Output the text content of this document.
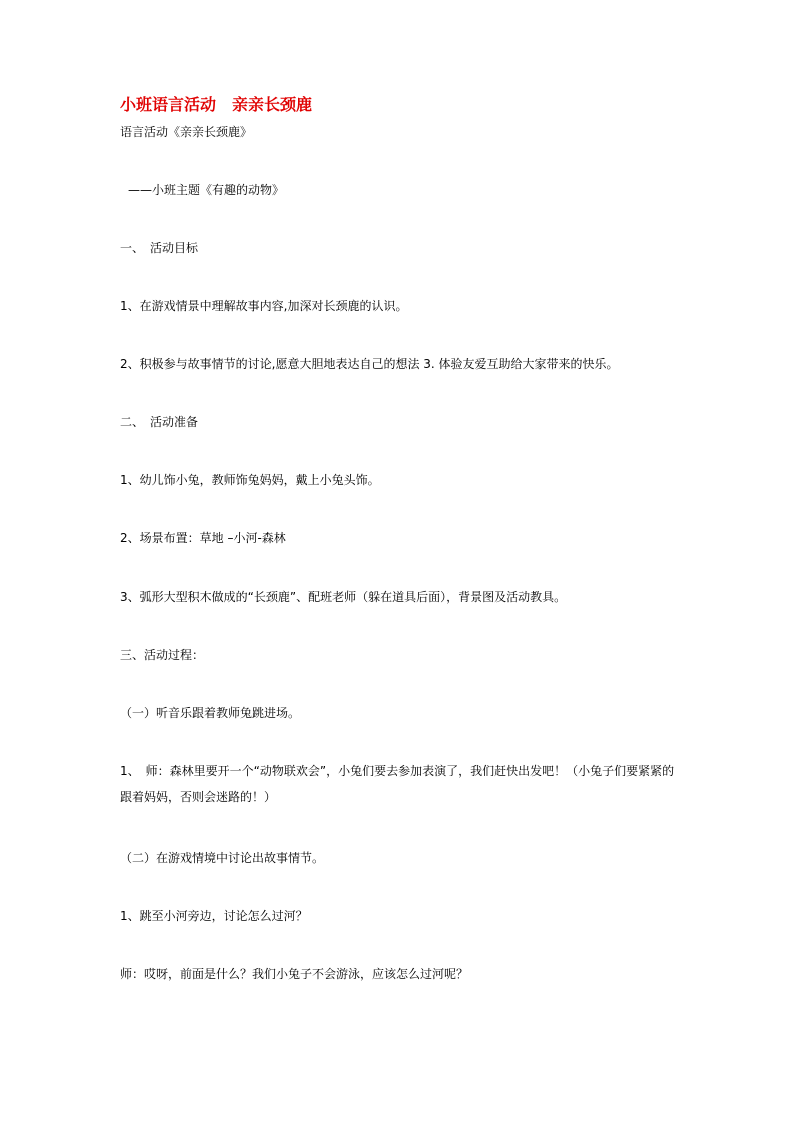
小班语言活动　亲亲长颈鹿
语言活动《亲亲长颈鹿》
——小班主题《有趣的动物》
一、　活动目标
1、在游戏情景中理解故事内容,加深对长颈鹿的认识。
2、积极参与故事情节的讨论,愿意大胆地表达自己的想法 3. 体验友爱互助给大家带来的快乐。
二、　活动准备
1、幼儿饰小兔，教师饰兔妈妈，戴上小兔头饰。
2、场景布置：草地 –小河-森林
3、弧形大型积木做成的“长颈鹿”、配班老师（躲在道具后面），背景图及活动教具。
三、活动过程：
（一）听音乐跟着教师兔跳进场。
1、　师：森林里要开一个“动物联欢会”，小兔们要去参加表演了，我们赶快出发吧！（小兔子们要紧紧的跟着妈妈，否则会迷路的！）
（二）在游戏情境中讨论出故事情节。
1、跳至小河旁边，讨论怎么过河？
师：哎呀，前面是什么？我们小兔子不会游泳，应该怎么过河呢？
